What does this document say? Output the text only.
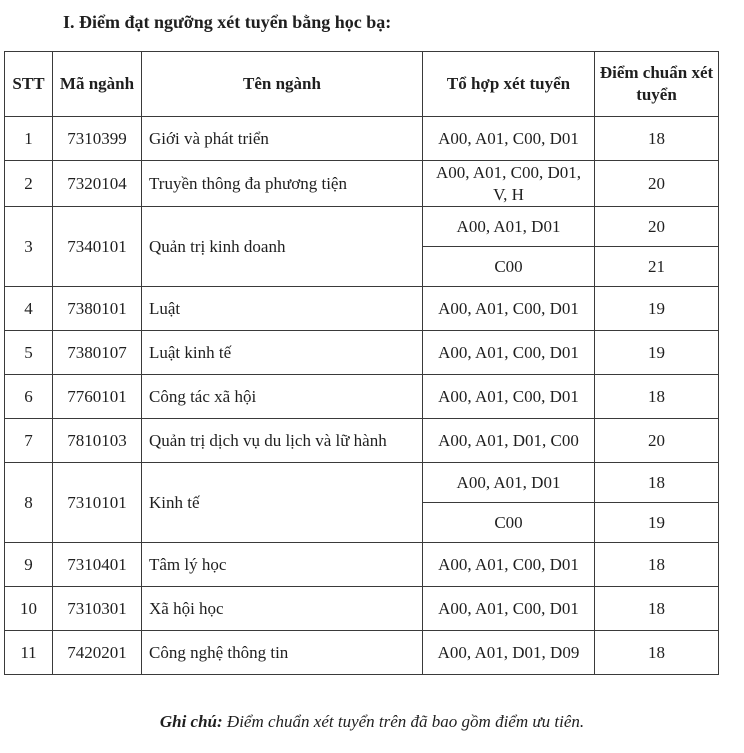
I. Điểm đạt ngưỡng xét tuyển bằng học bạ:
STT	Mã ngành	Tên ngành	Tổ hợp xét tuyển	Điểm chuẩn xét tuyển
1	7310399	Giới và phát triển	A00, A01, C00, D01	18
2	7320104	Truyền thông đa phương tiện	A00, A01, C00, D01, V, H	20
3	7340101	Quản trị kinh doanh	A00, A01, D01	20
			C00	21
4	7380101	Luật	A00, A01, C00, D01	19
5	7380107	Luật kinh tế	A00, A01, C00, D01	19
6	7760101	Công tác xã hội	A00, A01, C00, D01	18
7	7810103	Quản trị dịch vụ du lịch và lữ hành	A00, A01, D01, C00	20
8	7310101	Kinh tế	A00, A01, D01	18
			C00	19
9	7310401	Tâm lý học	A00, A01, C00, D01	18
10	7310301	Xã hội học	A00, A01, C00, D01	18
11	7420201	Công nghệ thông tin	A00, A01, D01, D09	18
Ghi chú: Điểm chuẩn xét tuyển trên đã bao gồm điểm ưu tiên.
